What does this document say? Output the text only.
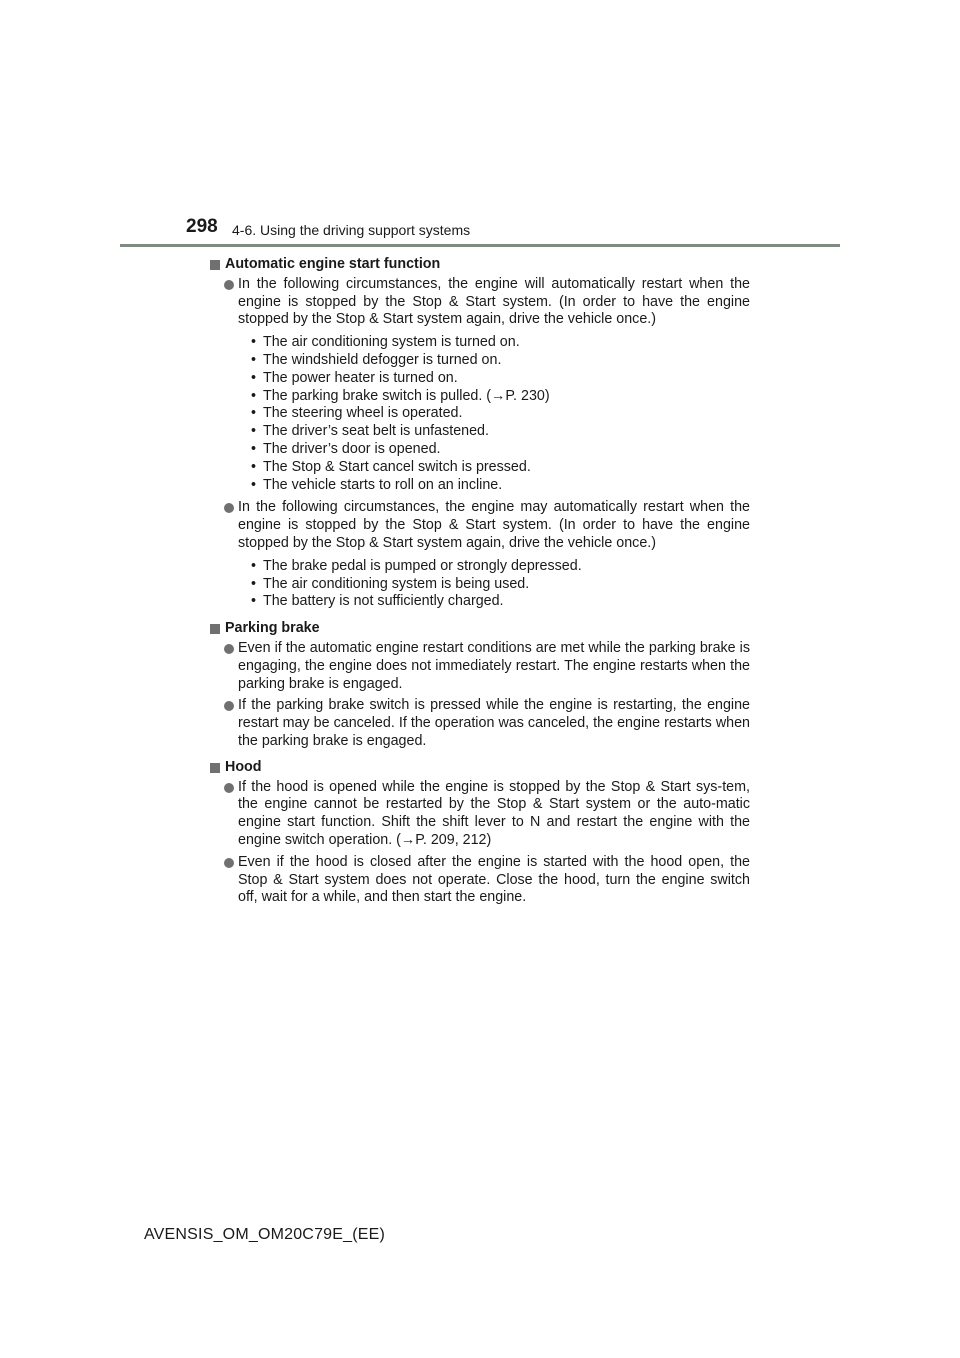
298 4-6. Using the driving support systems
Automatic engine start function
In the following circumstances, the engine will automatically restart when the engine is stopped by the Stop & Start system. (In order to have the engine stopped by the Stop & Start system again, drive the vehicle once.)
• The air conditioning system is turned on.
• The windshield defogger is turned on.
• The power heater is turned on.
• The parking brake switch is pulled. (→P. 230)
• The steering wheel is operated.
• The driver’s seat belt is unfastened.
• The driver’s door is opened.
• The Stop & Start cancel switch is pressed.
• The vehicle starts to roll on an incline.
In the following circumstances, the engine may automatically restart when the engine is stopped by the Stop & Start system. (In order to have the engine stopped by the Stop & Start system again, drive the vehicle once.)
• The brake pedal is pumped or strongly depressed.
• The air conditioning system is being used.
• The battery is not sufficiently charged.
Parking brake
Even if the automatic engine restart conditions are met while the parking brake is engaging, the engine does not immediately restart. The engine restarts when the parking brake is engaged.
If the parking brake switch is pressed while the engine is restarting, the engine restart may be canceled. If the operation was canceled, the engine restarts when the parking brake is engaged.
Hood
If the hood is opened while the engine is stopped by the Stop & Start sys-tem, the engine cannot be restarted by the Stop & Start system or the auto-matic engine start function. Shift the shift lever to N and restart the engine with the engine switch operation. (→P. 209, 212)
Even if the hood is closed after the engine is started with the hood open, the Stop & Start system does not operate. Close the hood, turn the engine switch off, wait for a while, and then start the engine.
AVENSIS_OM_OM20C79E_(EE)
